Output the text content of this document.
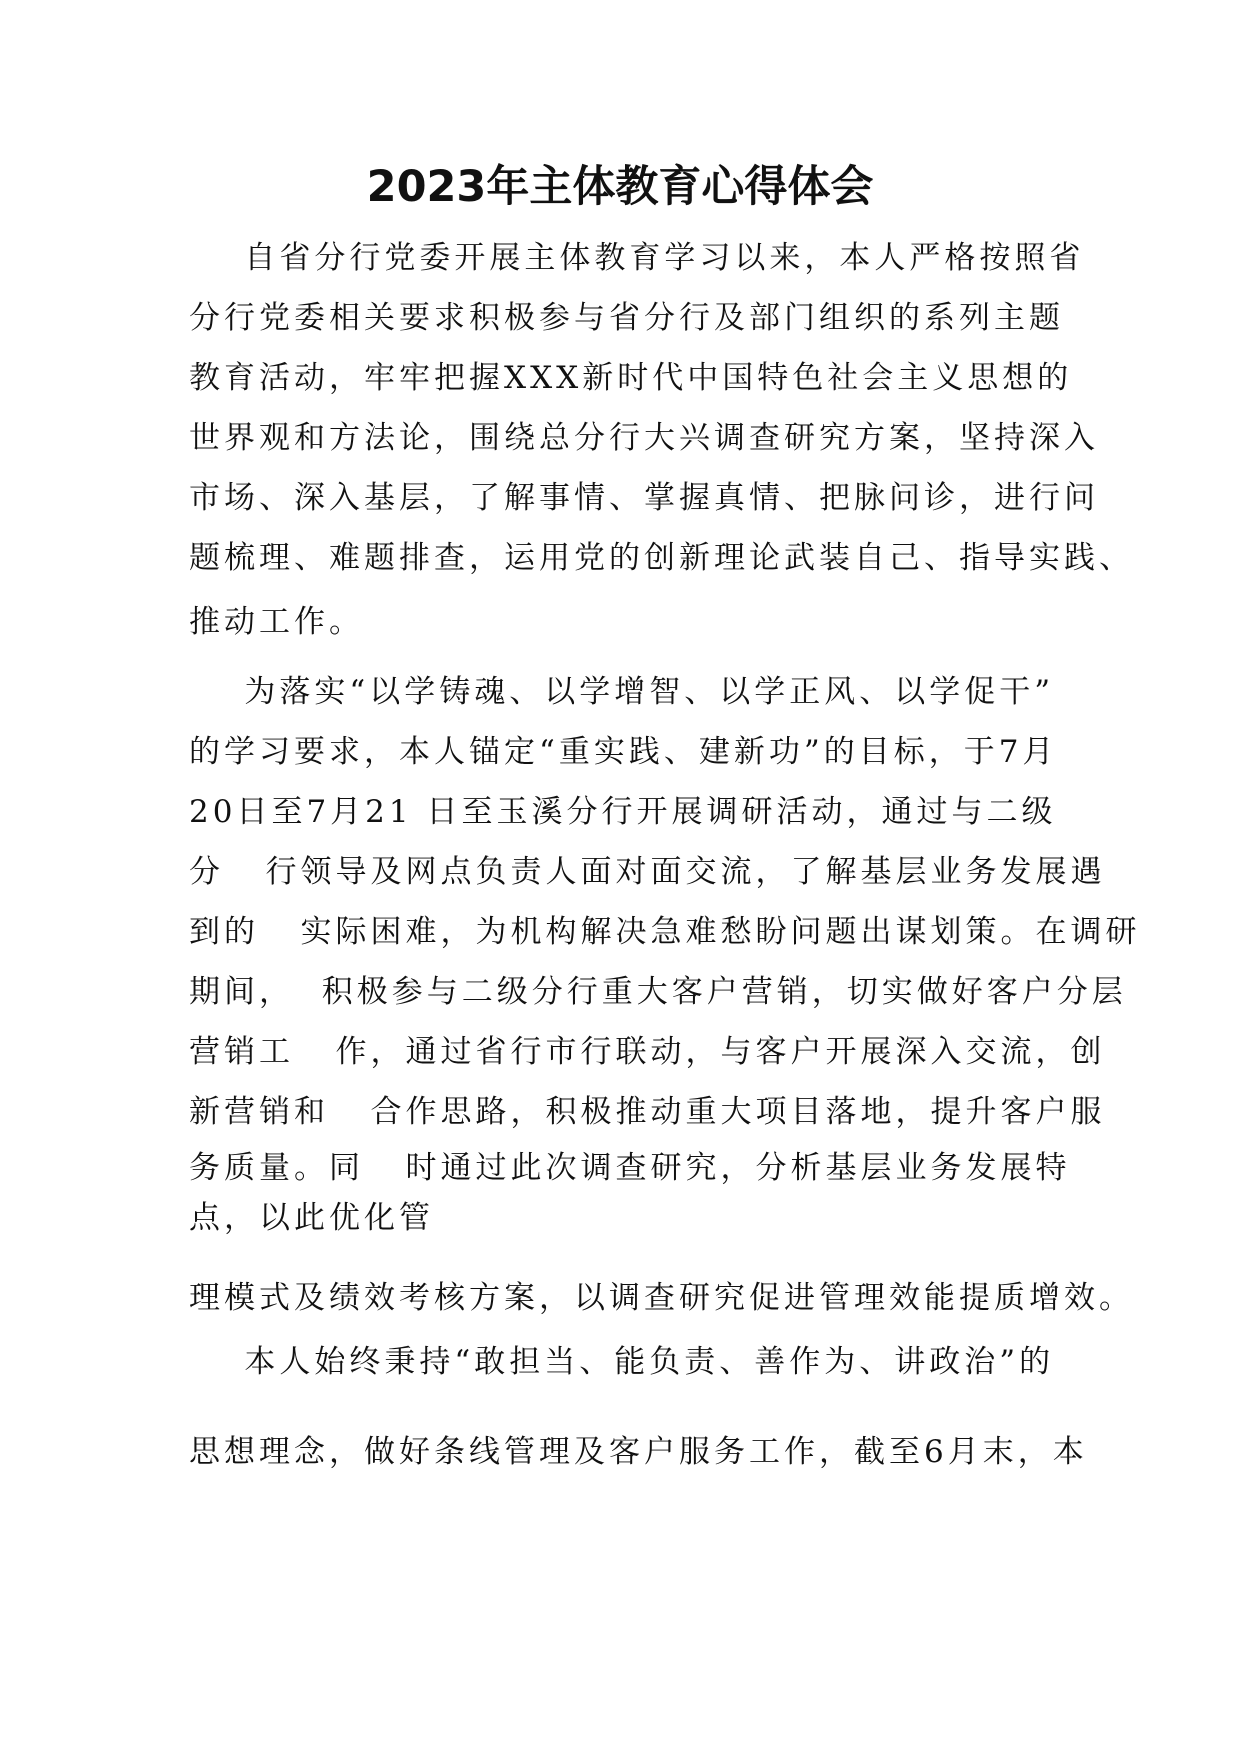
2023年主体教育心得体会
自省分行党委开展主体教育学习以来，本人严格按照省
分行党委相关要求积极参与省分行及部门组织的系列主题
教育活动，牢牢把握XXX新时代中国特色社会主义思想的
世界观和方法论，围绕总分行大兴调查研究方案，坚持深入
市场、深入基层，了解事情、掌握真情、把脉问诊，进行问
题梳理、难题排查，运用党的创新理论武装自己、指导实践、
推动工作。
为落实“以学铸魂、以学增智、以学正风、以学促干”
的学习要求，本人锚定“重实践、建新功”的目标，于7月
20日至7月21 日至玉溪分行开展调研活动，通过与二级
分   行领导及网点负责人面对面交流，了解基层业务发展遇
到的   实际困难，为机构解决急难愁盼问题出谋划策。在调研
期间，  积极参与二级分行重大客户营销，切实做好客户分层
营销工   作，通过省行市行联动，与客户开展深入交流，创
新营销和   合作思路，积极推动重大项目落地，提升客户服
务质量。同   时通过此次调查研究，分析基层业务发展特
点，以此优化管
理模式及绩效考核方案，以调查研究促进管理效能提质增效。
本人始终秉持“敢担当、能负责、善作为、讲政治”的
思想理念，做好条线管理及客户服务工作，截至6月末，本
